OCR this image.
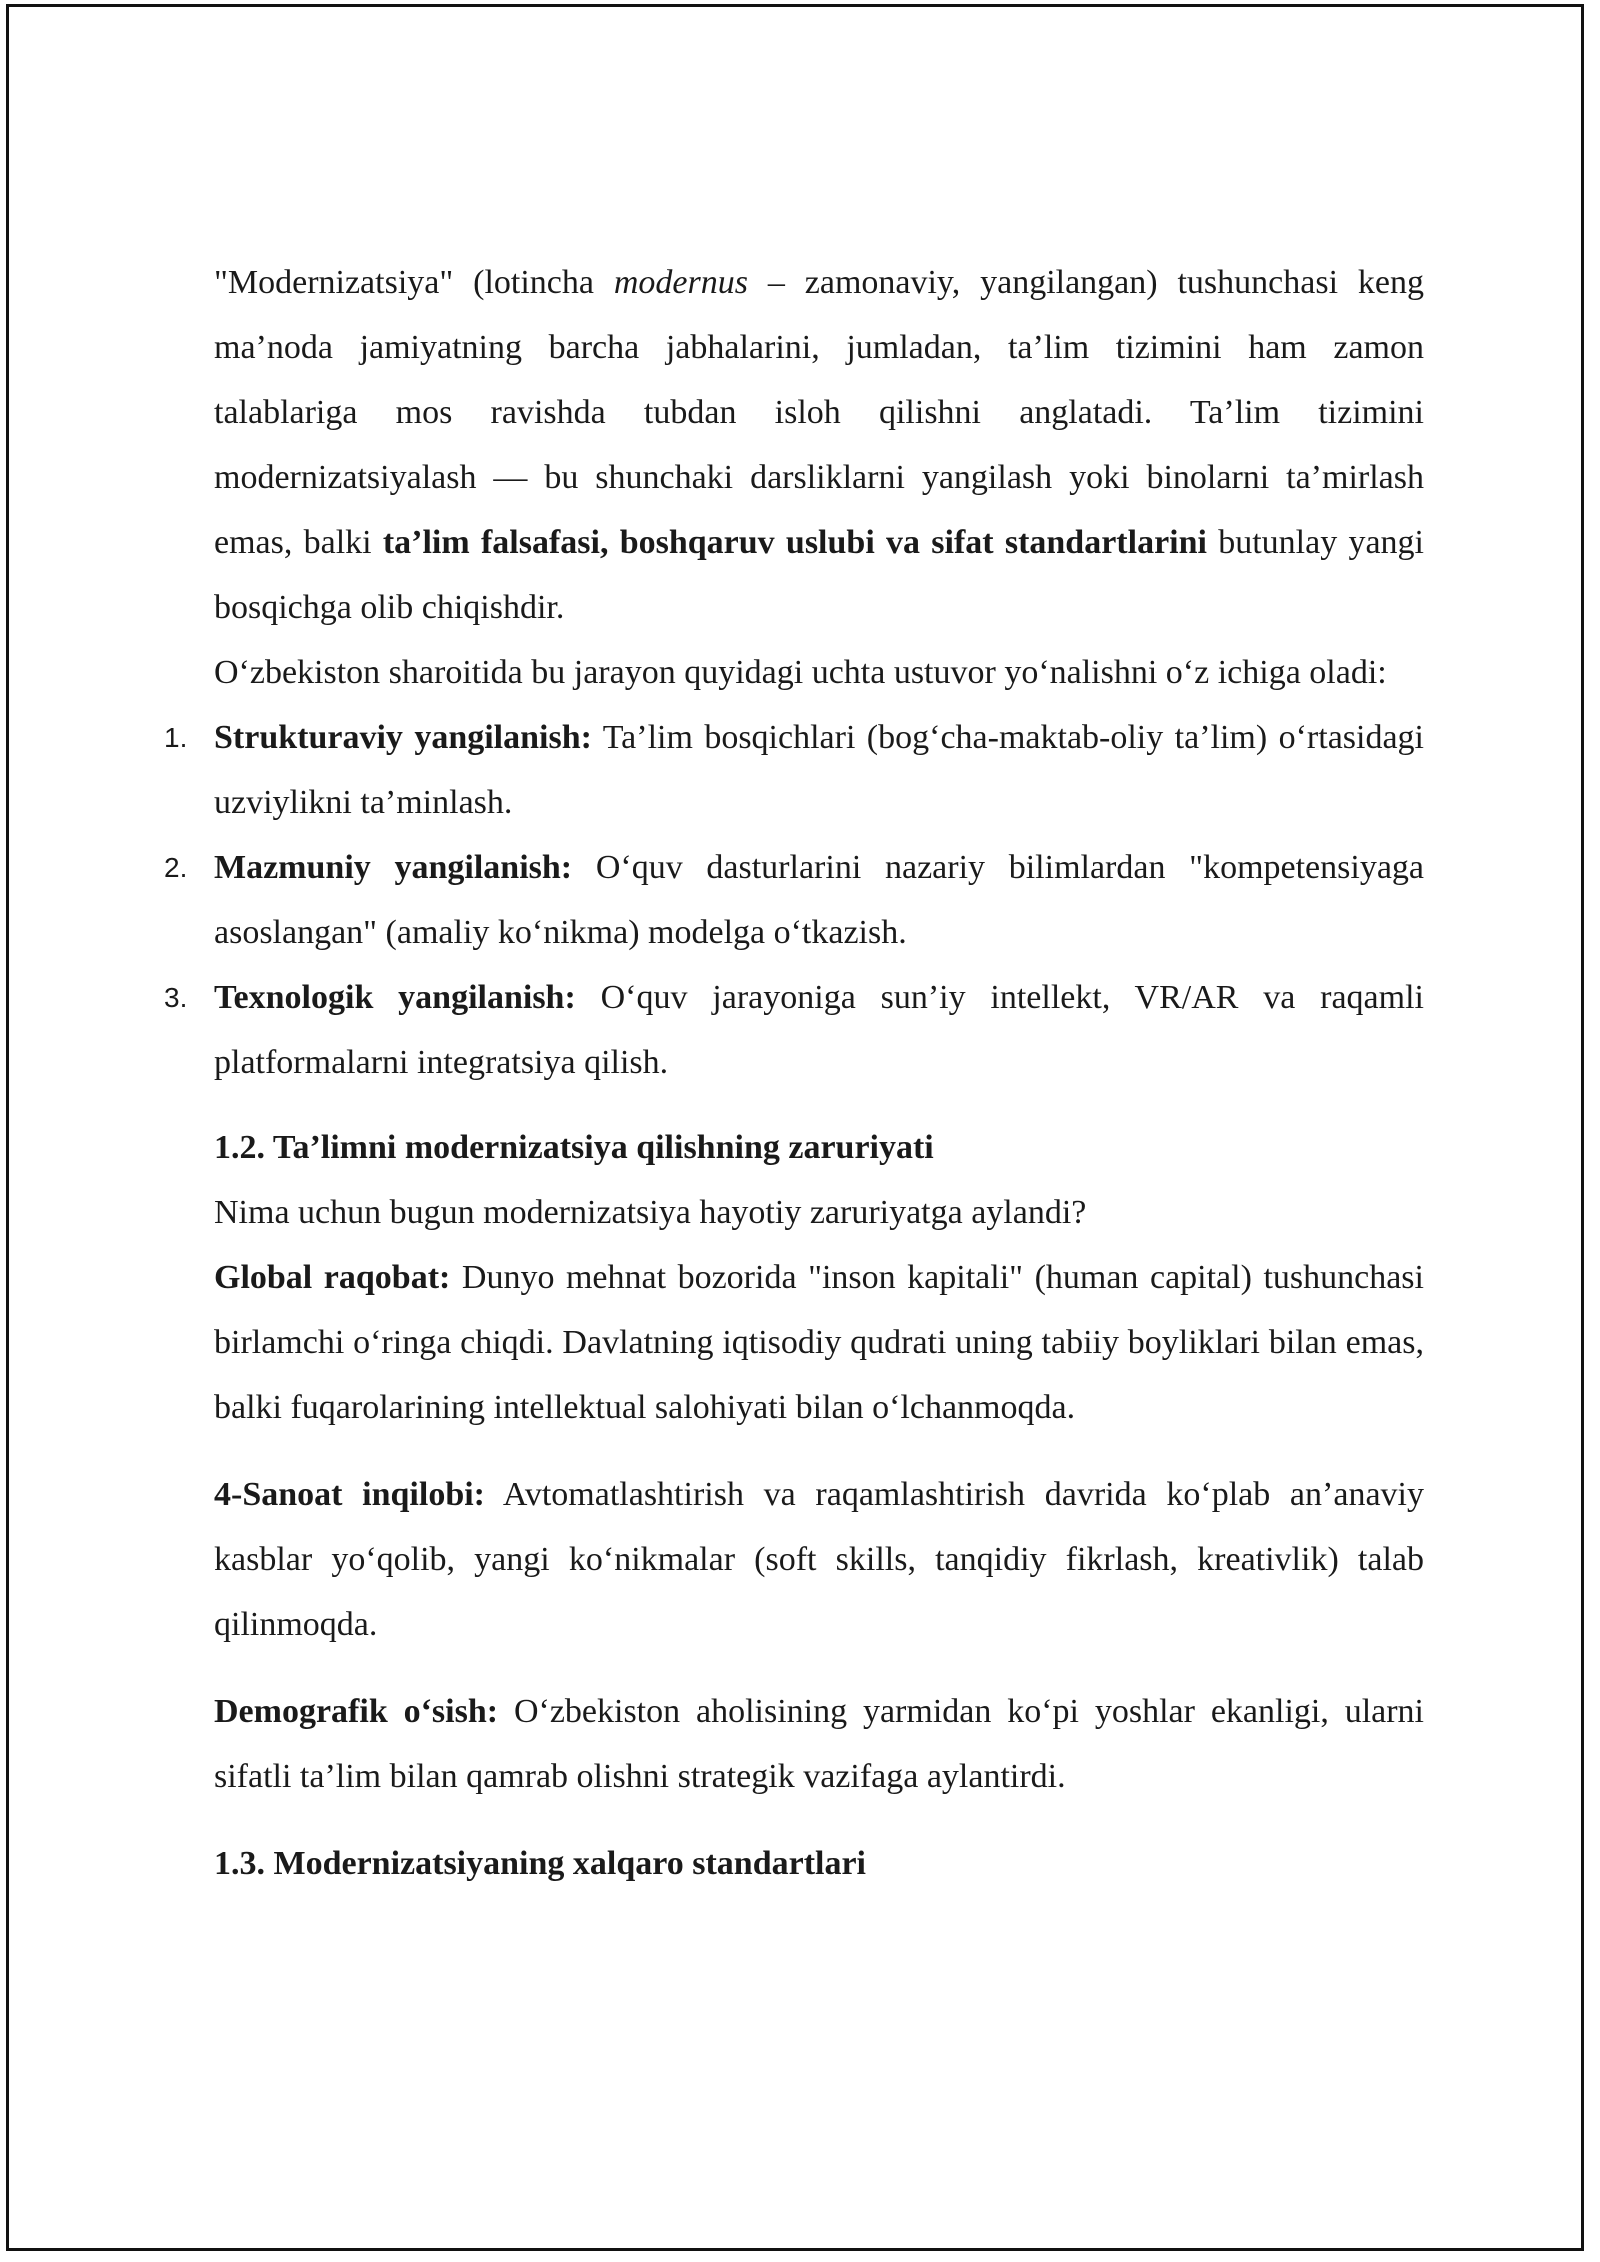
"Modernizatsiya" (lotincha modernus – zamonaviy, yangilangan) tushunchasi keng ma’noda jamiyatning barcha jabhalarini, jumladan, ta’lim tizimini ham zamon talablariga mos ravishda tubdan isloh qilishni anglatadi. Ta’lim tizimini modernizatsiyalash — bu shunchaki darsliklarni yangilash yoki binolarni ta’mirlash emas, balki ta’lim falsafasi, boshqaruv uslubi va sifat standartlarini butunlay yangi bosqichga olib chiqishdir.

O‘zbekiston sharoitida bu jarayon quyidagi uchta ustuvor yo‘nalishni o‘z ichiga oladi:

1. Strukturaviy yangilanish: Ta’lim bosqichlari (bog‘cha-maktab-oliy ta’lim) o‘rtasidagi uzviylikni ta’minlash.
2. Mazmuniy yangilanish: O‘quv dasturlarini nazariy bilimlardan "kompetensiyaga asoslangan" (amaliy ko‘nikma) modelga o‘tkazish.
3. Texnologik yangilanish: O‘quv jarayoniga sun’iy intellekt, VR/AR va raqamli platformalarni integratsiya qilish.

1.2. Ta’limni modernizatsiya qilishning zaruriyati

Nima uchun bugun modernizatsiya hayotiy zaruriyatga aylandi?

Global raqobat: Dunyo mehnat bozorida "inson kapitali" (human capital) tushunchasi birlamchi o‘ringa chiqdi. Davlatning iqtisodiy qudrati uning tabiiy boyliklari bilan emas, balki fuqarolarining intellektual salohiyati bilan o‘lchanmoqda.

4-Sanoat inqilobi: Avtomatlashtirish va raqamlashtirish davrida ko‘plab an’anaviy kasblar yo‘qolib, yangi ko‘nikmalar (soft skills, tanqidiy fikrlash, kreativlik) talab qilinmoqda.

Demografik o‘sish: O‘zbekiston aholisining yarmidan ko‘pi yoshlar ekanligi, ularni sifatli ta’lim bilan qamrab olishni strategik vazifaga aylantirdi.

1.3. Modernizatsiyaning xalqaro standartlari
